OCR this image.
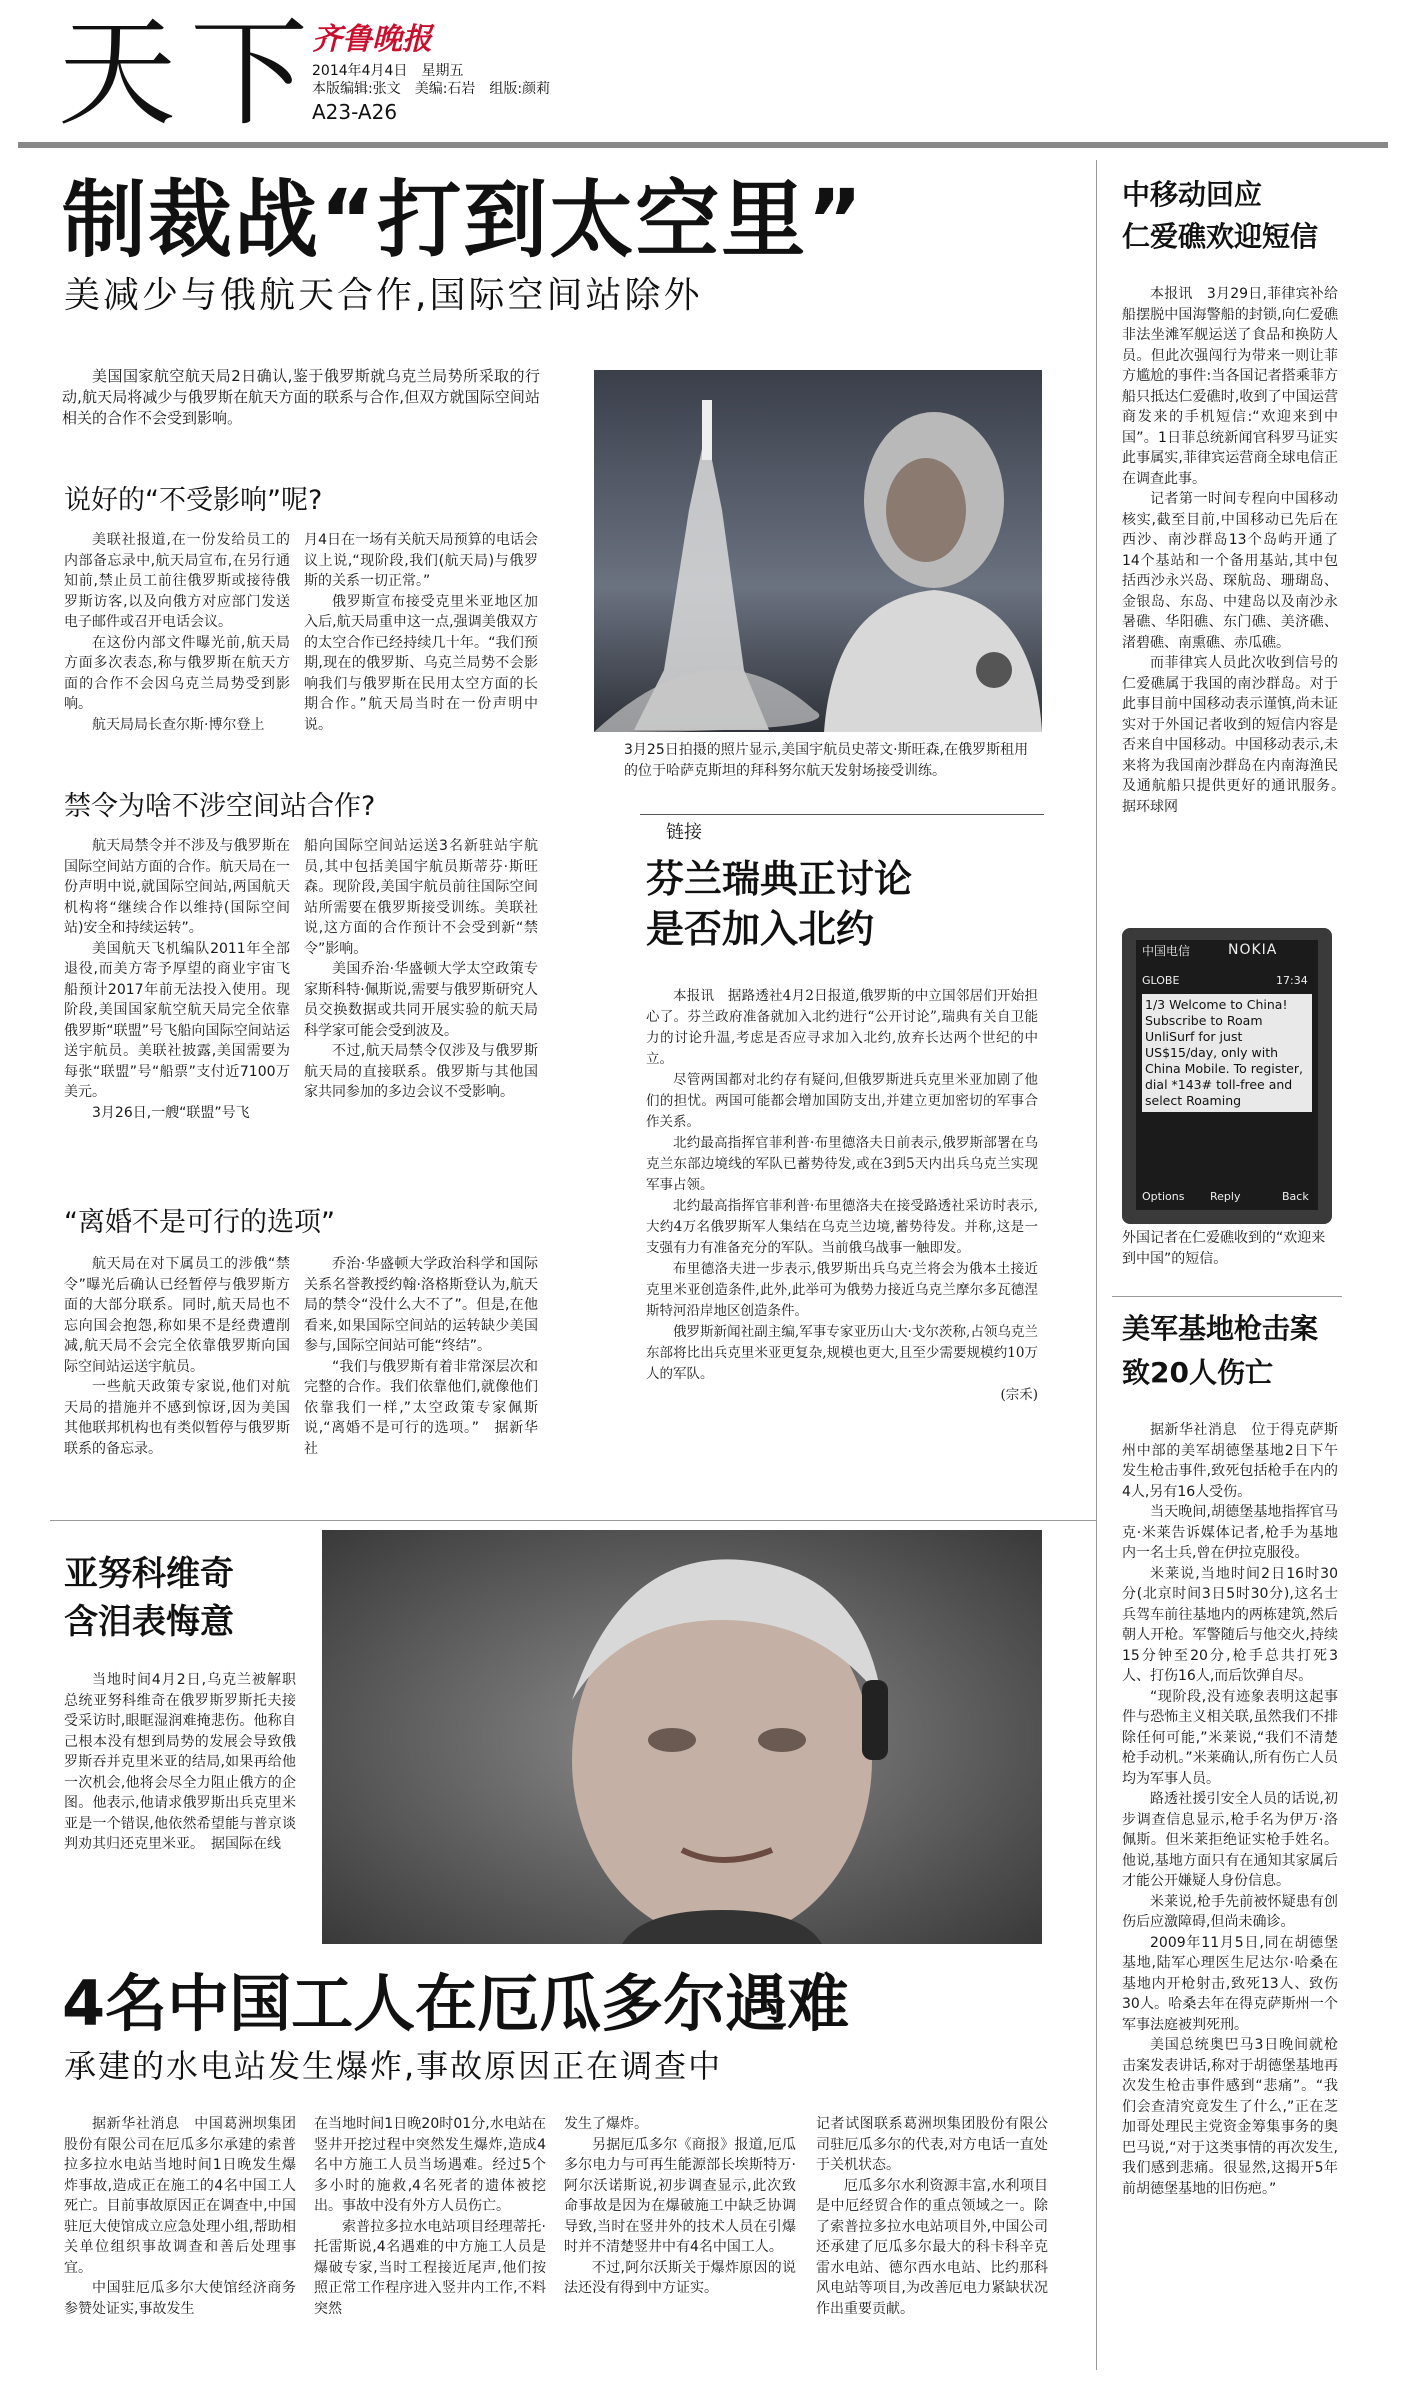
天下
齐鲁晚报
2014年4月4日　星期五
本版编辑:张文　美编:石岩　组版:颜莉
A23-A26
制裁战“打到太空里”
美减少与俄航天合作,国际空间站除外

美国国家航空航天局2日确认,鉴于俄罗斯就乌克兰局势所采取的行动,航天局将减少与俄罗斯在航天方面的联系与合作,但双方就国际空间站相关的合作不会受到影响。

3月25日拍摄的照片显示,美国宇航员史蒂文·斯旺森,在俄罗斯租用的位于哈萨克斯坦的拜科努尔航天发射场接受训练。
说好的“不受影响”呢?

美联社报道,在一份发给员工的内部备忘录中,航天局宣布,在另行通知前,禁止员工前往俄罗斯或接待俄罗斯访客,以及向俄方对应部门发送电子邮件或召开电话会议。

在这份内部文件曝光前,航天局方面多次表态,称与俄罗斯在航天方面的合作不会因乌克兰局势受到影响。

航天局局长查尔斯·博尔登上

月4日在一场有关航天局预算的电话会议上说,“现阶段,我们(航天局)与俄罗斯的关系一切正常。”

俄罗斯宣布接受克里米亚地区加入后,航天局重申这一点,强调美俄双方的太空合作已经持续几十年。“我们预期,现在的俄罗斯、乌克兰局势不会影响我们与俄罗斯在民用太空方面的长期合作。”航天局当时在一份声明中说。

禁令为啥不涉空间站合作?

航天局禁令并不涉及与俄罗斯在国际空间站方面的合作。航天局在一份声明中说,就国际空间站,两国航天机构将“继续合作以维持(国际空间站)安全和持续运转”。

美国航天飞机编队2011年全部退役,而美方寄予厚望的商业宇宙飞船预计2017年前无法投入使用。现阶段,美国国家航空航天局完全依靠俄罗斯“联盟”号飞船向国际空间站运送宇航员。美联社披露,美国需要为每张“联盟”号“船票”支付近7100万美元。

3月26日,一艘“联盟”号飞

船向国际空间站运送3名新驻站宇航员,其中包括美国宇航员斯蒂芬·斯旺森。现阶段,美国宇航员前往国际空间站所需要在俄罗斯接受训练。美联社说,这方面的合作预计不会受到新“禁令”影响。

美国乔治·华盛顿大学太空政策专家斯科特·佩斯说,需要与俄罗斯研究人员交换数据或共同开展实验的航天局科学家可能会受到波及。

不过,航天局禁令仅涉及与俄罗斯航天局的直接联系。俄罗斯与其他国家共同参加的多边会议不受影响。

“离婚不是可行的选项”

航天局在对下属员工的涉俄“禁令”曝光后确认已经暂停与俄罗斯方面的大部分联系。同时,航天局也不忘向国会抱怨,称如果不是经费遭削减,航天局不会完全依靠俄罗斯向国际空间站运送宇航员。

一些航天政策专家说,他们对航天局的措施并不感到惊讶,因为美国其他联邦机构也有类似暂停与俄罗斯联系的备忘录。

乔治·华盛顿大学政治科学和国际关系名誉教授约翰·洛格斯登认为,航天局的禁令“没什么大不了”。但是,在他看来,如果国际空间站的运转缺少美国参与,国际空间站可能“终结”。

“我们与俄罗斯有着非常深层次和完整的合作。我们依靠他们,就像他们依靠我们一样,”太空政策专家佩斯说,“离婚不是可行的选项。”　据新华社

链接
芬兰瑞典正讨论
是否加入北约

本报讯　据路透社4月2日报道,俄罗斯的中立国邻居们开始担心了。芬兰政府准备就加入北约进行“公开讨论”,瑞典有关自卫能力的讨论升温,考虑是否应寻求加入北约,放弃长达两个世纪的中立。

尽管两国都对北约存有疑问,但俄罗斯进兵克里米亚加剧了他们的担忧。两国可能都会增加国防支出,并建立更加密切的军事合作关系。

北约最高指挥官菲利普·布里德洛夫日前表示,俄罗斯部署在乌克兰东部边境线的军队已蓄势待发,或在3到5天内出兵乌克兰实现军事占领。

北约最高指挥官菲利普·布里德洛夫在接受路透社采访时表示,大约4万名俄罗斯军人集结在乌克兰边境,蓄势待发。并称,这是一支强有力有准备充分的军队。当前俄乌战事一触即发。

布里德洛夫进一步表示,俄罗斯出兵乌克兰将会为俄本土接近克里米亚创造条件,此外,此举可为俄势力接近乌克兰摩尔多瓦德涅斯特河沿岸地区创造条件。

俄罗斯新闻社副主编,军事专家亚历山大·戈尔茨称,占领乌克兰东部将比出兵克里米亚更复杂,规模也更大,且至少需要规模约10万人的军队。

(宗禾)

中移动回应
仁爱礁欢迎短信

本报讯　3月29日,菲律宾补给船摆脱中国海警船的封锁,向仁爱礁非法坐滩军舰运送了食品和换防人员。但此次强闯行为带来一则让菲方尴尬的事件:当各国记者搭乘菲方船只抵达仁爱礁时,收到了中国运营商发来的手机短信:“欢迎来到中国”。1日菲总统新闻官科罗马证实此事属实,菲律宾运营商全球电信正在调查此事。

记者第一时间专程向中国移动核实,截至目前,中国移动已先后在西沙、南沙群岛13个岛屿开通了14个基站和一个备用基站,其中包括西沙永兴岛、琛航岛、珊瑚岛、金银岛、东岛、中建岛以及南沙永暑礁、华阳礁、东门礁、美济礁、渚碧礁、南熏礁、赤瓜礁。

而菲律宾人员此次收到信号的仁爱礁属于我国的南沙群岛。对于此事目前中国移动表示谨慎,尚未证实对于外国记者收到的短信内容是否来自中国移动。中国移动表示,未来将为我国南沙群岛在内南海渔民及通航船只提供更好的通讯服务。　据环球网

中国电信	NOKIA
GLOBE	17:34
1/3 Welcome to China! Subscribe to Roam UnliSurf for just US$15/day, only with China Mobile. To register, dial *143# toll-free and select Roaming
Options Reply	Back
外国记者在仁爱礁收到的“欢迎来到中国”的短信。
美军基地枪击案
致20人伤亡

据新华社消息　位于得克萨斯州中部的美军胡德堡基地2日下午发生枪击事件,致死包括枪手在内的4人,另有16人受伤。

当天晚间,胡德堡基地指挥官马克·米莱告诉媒体记者,枪手为基地内一名士兵,曾在伊拉克服役。

米莱说,当地时间2日16时30分(北京时间3日5时30分),这名士兵驾车前往基地内的两栋建筑,然后朝人开枪。军警随后与他交火,持续15分钟至20分,枪手总共打死3人、打伤16人,而后饮弹自尽。

“现阶段,没有迹象表明这起事件与恐怖主义相关联,虽然我们不排除任何可能,”米莱说,“我们不清楚枪手动机。”米莱确认,所有伤亡人员均为军事人员。

路透社援引安全人员的话说,初步调查信息显示,枪手名为伊万·洛佩斯。但米莱拒绝证实枪手姓名。他说,基地方面只有在通知其家属后才能公开嫌疑人身份信息。

米莱说,枪手先前被怀疑患有创伤后应激障碍,但尚未确诊。

2009年11月5日,同在胡德堡基地,陆军心理医生尼达尔·哈桑在基地内开枪射击,致死13人、致伤30人。哈桑去年在得克萨斯州一个军事法庭被判死刑。

美国总统奥巴马3日晚间就枪击案发表讲话,称对于胡德堡基地再次发生枪击事件感到“悲痛”。“我们会查清究竟发生了什么,”正在芝加哥处理民主党资金筹集事务的奥巴马说,“对于这类事情的再次发生,我们感到悲痛。很显然,这揭开5年前胡德堡基地的旧伤疤。”

亚努科维奇
含泪表悔意

当地时间4月2日,乌克兰被解职总统亚努科维奇在俄罗斯罗斯托夫接受采访时,眼眶湿润难掩悲伤。他称自己根本没有想到局势的发展会导致俄罗斯吞并克里米亚的结局,如果再给他一次机会,他将会尽全力阻止俄方的企图。他表示,他请求俄罗斯出兵克里米亚是一个错误,他依然希望能与普京谈判劝其归还克里米亚。　据国际在线

4名中国工人在厄瓜多尔遇难
承建的水电站发生爆炸,事故原因正在调查中

据新华社消息　中国葛洲坝集团股份有限公司在厄瓜多尔承建的索普拉多拉水电站当地时间1日晚发生爆炸事故,造成正在施工的4名中国工人死亡。目前事故原因正在调查中,中国驻厄大使馆成立应急处理小组,帮助相关单位组织事故调查和善后处理事宜。

中国驻厄瓜多尔大使馆经济商务参赞处证实,事故发生

在当地时间1日晚20时01分,水电站在竖井开挖过程中突然发生爆炸,造成4名中方施工人员当场遇难。经过5个多小时的施救,4名死者的遗体被挖出。事故中没有外方人员伤亡。

索普拉多拉水电站项目经理蒂托·托雷斯说,4名遇难的中方施工人员是爆破专家,当时工程接近尾声,他们按照正常工作程序进入竖井内工作,不料突然

发生了爆炸。

另据厄瓜多尔《商报》报道,厄瓜多尔电力与可再生能源部长埃斯特万·阿尔沃诺斯说,初步调查显示,此次致命事故是因为在爆破施工中缺乏协调导致,当时在竖井外的技术人员在引爆时并不清楚竖井中有4名中国工人。

不过,阿尔沃斯关于爆炸原因的说法还没有得到中方证实。

记者试图联系葛洲坝集团股份有限公司驻厄瓜多尔的代表,对方电话一直处于关机状态。

厄瓜多尔水利资源丰富,水利项目是中厄经贸合作的重点领域之一。除了索普拉多拉水电站项目外,中国公司还承建了厄瓜多尔最大的科卡科辛克雷水电站、德尔西水电站、比约那科风电站等项目,为改善厄电力紧缺状况作出重要贡献。
